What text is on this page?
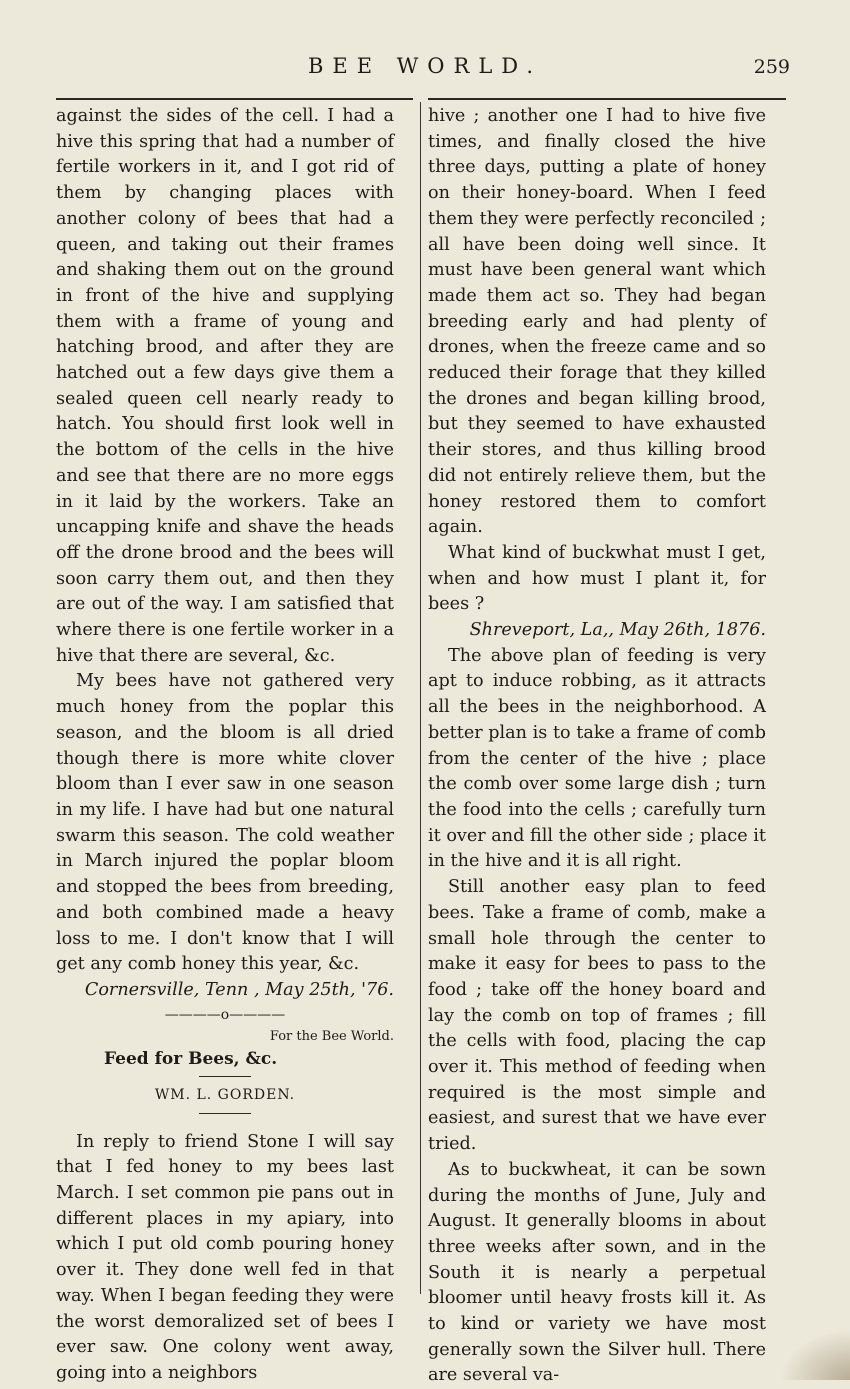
BEE WORLD.	259

against the sides of the cell. I had a hive this spring that had a number of fertile workers in it, and I got rid of them by changing places with another colony of bees that had a queen, and taking out their frames and shaking them out on the ground in front of the hive and supplying them with a frame of young and hatching brood, and after they are hatched out a few days give them a sealed queen cell nearly ready to hatch. You should first look well in the bottom of the cells in the hive and see that there are no more eggs in it laid by the workers. Take an uncapping knife and shave the heads off the drone brood and the bees will soon carry them out, and then they are out of the way. I am satisfied that where there is one fertile worker in a hive that there are several, &c.

My bees have not gathered very much honey from the poplar this season, and the bloom is all dried though there is more white clover bloom than I ever saw in one season in my life. I have had but one natural swarm this season. The cold weather in March injured the poplar bloom and stopped the bees from breeding, and both combined made a heavy loss to me. I don't know that I will get any comb honey this year, &c.

Cornersville, Tenn , May 25th, '76.

————o————

For the Bee World.

Feed for Bees, &c.

WM. L. GORDEN.

In reply to friend Stone I will say that I fed honey to my bees last March. I set common pie pans out in different places in my apiary, into which I put old comb pouring honey over it. They done well fed in that way. When I began feeding they were the worst demoralized set of bees I ever saw. One colony went away, going into a neighbors

hive ; another one I had to hive five times, and finally closed the hive three days, putting a plate of honey on their honey-board. When I feed them they were perfectly reconciled ; all have been doing well since. It must have been general want which made them act so. They had began breeding early and had plenty of drones, when the freeze came and so reduced their forage that they killed the drones and began killing brood, but they seemed to have exhausted their stores, and thus killing brood did not entirely relieve them, but the honey restored them to comfort again.

What kind of buckwhat must I get, when and how must I plant it, for bees ?

Shreveport, La,, May 26th, 1876.

The above plan of feeding is very apt to induce robbing, as it attracts all the bees in the neighborhood. A better plan is to take a frame of comb from the center of the hive ; place the comb over some large dish ; turn the food into the cells ; carefully turn it over and fill the other side ; place it in the hive and it is all right.

Still another easy plan to feed bees. Take a frame of comb, make a small hole through the center to make it easy for bees to pass to the food ; take off the honey board and lay the comb on top of frames ; fill the cells with food, placing the cap over it. This method of feeding when required is the most simple and easiest, and surest that we have ever tried.

As to buckwheat, it can be sown during the months of June, July and August. It generally blooms in about three weeks after sown, and in the South it is nearly a perpetual bloomer until heavy frosts kill it. As to kind or variety we have most generally sown the Silver hull. There are several va-
